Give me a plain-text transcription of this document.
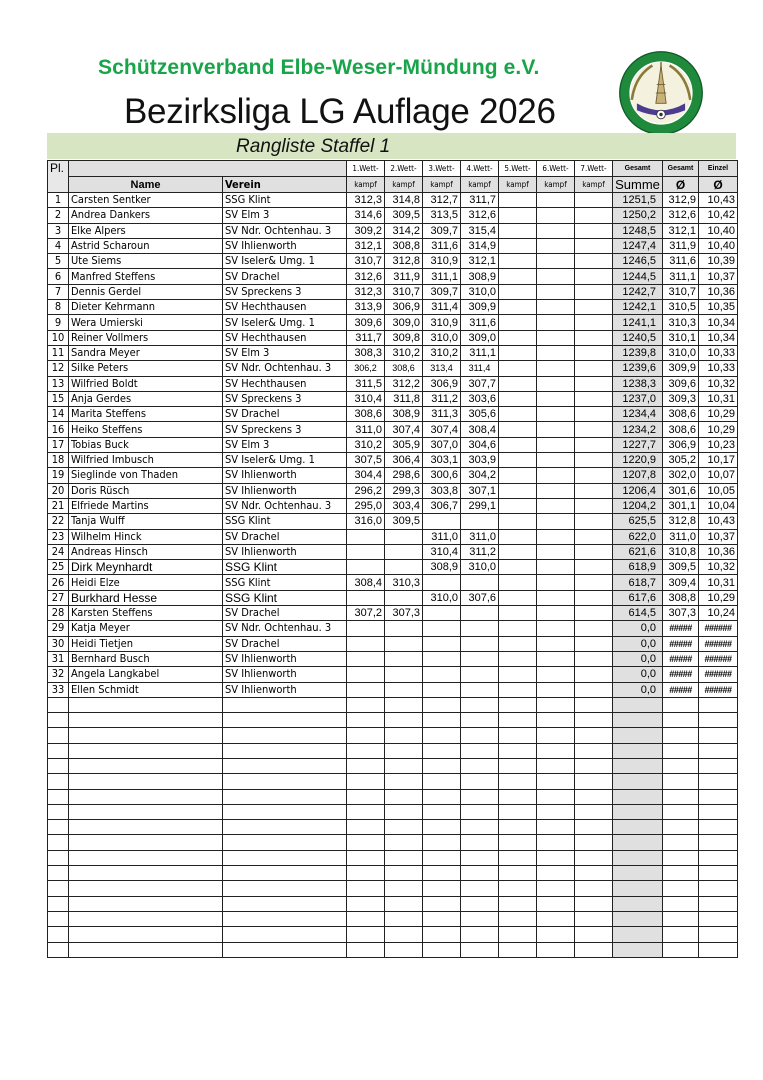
Schützenverband Elbe-Weser-Mündung e.V.
Bezirksliga LG Auflage 2026
Rangliste Staffel 1
Pl.			1.Wett-	2.Wett-	3.Wett-	4.Wett-	5.Wett-	6.Wett-	7.Wett-	Gesamt	Gesamt	Einzel
	Name	Verein	kampf	kampf	kampf	kampf	kampf	kampf	kampf	Summe	Ø	Ø
1	Carsten Sentker	SSG Klint	312,3	314,8	312,7	311,7				1251,5	312,9	10,43
2	Andrea Dankers	SV Elm 3	314,6	309,5	313,5	312,6				1250,2	312,6	10,42
3	Elke Alpers	SV Ndr. Ochtenhau. 3	309,2	314,2	309,7	315,4				1248,5	312,1	10,40
4	Astrid Scharoun	SV Ihlienworth	312,1	308,8	311,6	314,9				1247,4	311,9	10,40
5	Ute Siems	SV Iseler& Umg. 1	310,7	312,8	310,9	312,1				1246,5	311,6	10,39
6	Manfred Steffens	SV Drachel	312,6	311,9	311,1	308,9				1244,5	311,1	10,37
7	Dennis Gerdel	SV Spreckens 3	312,3	310,7	309,7	310,0				1242,7	310,7	10,36
8	Dieter Kehrmann	SV Hechthausen	313,9	306,9	311,4	309,9				1242,1	310,5	10,35
9	Wera Umierski	SV Iseler& Umg. 1	309,6	309,0	310,9	311,6				1241,1	310,3	10,34
10	Reiner Vollmers	SV Hechthausen	311,7	309,8	310,0	309,0				1240,5	310,1	10,34
11	Sandra Meyer	SV Elm 3	308,3	310,2	310,2	311,1				1239,8	310,0	10,33
12	Silke Peters	SV Ndr. Ochtenhau. 3	306,2	308,6	313,4	311,4				1239,6	309,9	10,33
13	Wilfried Boldt	SV Hechthausen	311,5	312,2	306,9	307,7				1238,3	309,6	10,32
15	Anja Gerdes	SV Spreckens 3	310,4	311,8	311,2	303,6				1237,0	309,3	10,31
14	Marita Steffens	SV Drachel	308,6	308,9	311,3	305,6				1234,4	308,6	10,29
16	Heiko Steffens	SV Spreckens 3	311,0	307,4	307,4	308,4				1234,2	308,6	10,29
17	Tobias Buck	SV Elm 3	310,2	305,9	307,0	304,6				1227,7	306,9	10,23
18	Wilfried Imbusch	SV Iseler& Umg. 1	307,5	306,4	303,1	303,9				1220,9	305,2	10,17
19	Sieglinde von Thaden	SV Ihlienworth	304,4	298,6	300,6	304,2				1207,8	302,0	10,07
20	Doris Rüsch	SV Ihlienworth	296,2	299,3	303,8	307,1				1206,4	301,6	10,05
21	Elfriede Martins	SV Ndr. Ochtenhau. 3	295,0	303,4	306,7	299,1				1204,2	301,1	10,04
22	Tanja Wulff	SSG Klint	316,0	309,5						625,5	312,8	10,43
23	Wilhelm Hinck	SV Drachel			311,0	311,0				622,0	311,0	10,37
24	Andreas Hinsch	SV Ihlienworth			310,4	311,2				621,6	310,8	10,36
25	Dirk Meynhardt	SSG Klint			308,9	310,0				618,9	309,5	10,32
26	Heidi Elze	SSG Klint	308,4	310,3						618,7	309,4	10,31
27	Burkhard Hesse	SSG Klint			310,0	307,6				617,6	308,8	10,29
28	Karsten Steffens	SV Drachel	307,2	307,3						614,5	307,3	10,24
29	Katja Meyer	SV Ndr. Ochtenhau. 3								0,0	#####	######
30	Heidi Tietjen	SV Drachel								0,0	#####	######
31	Bernhard Busch	SV Ihlienworth								0,0	#####	######
32	Angela Langkabel	SV Ihlienworth								0,0	#####	######
33	Ellen Schmidt	SV Ihlienworth								0,0	#####	######
